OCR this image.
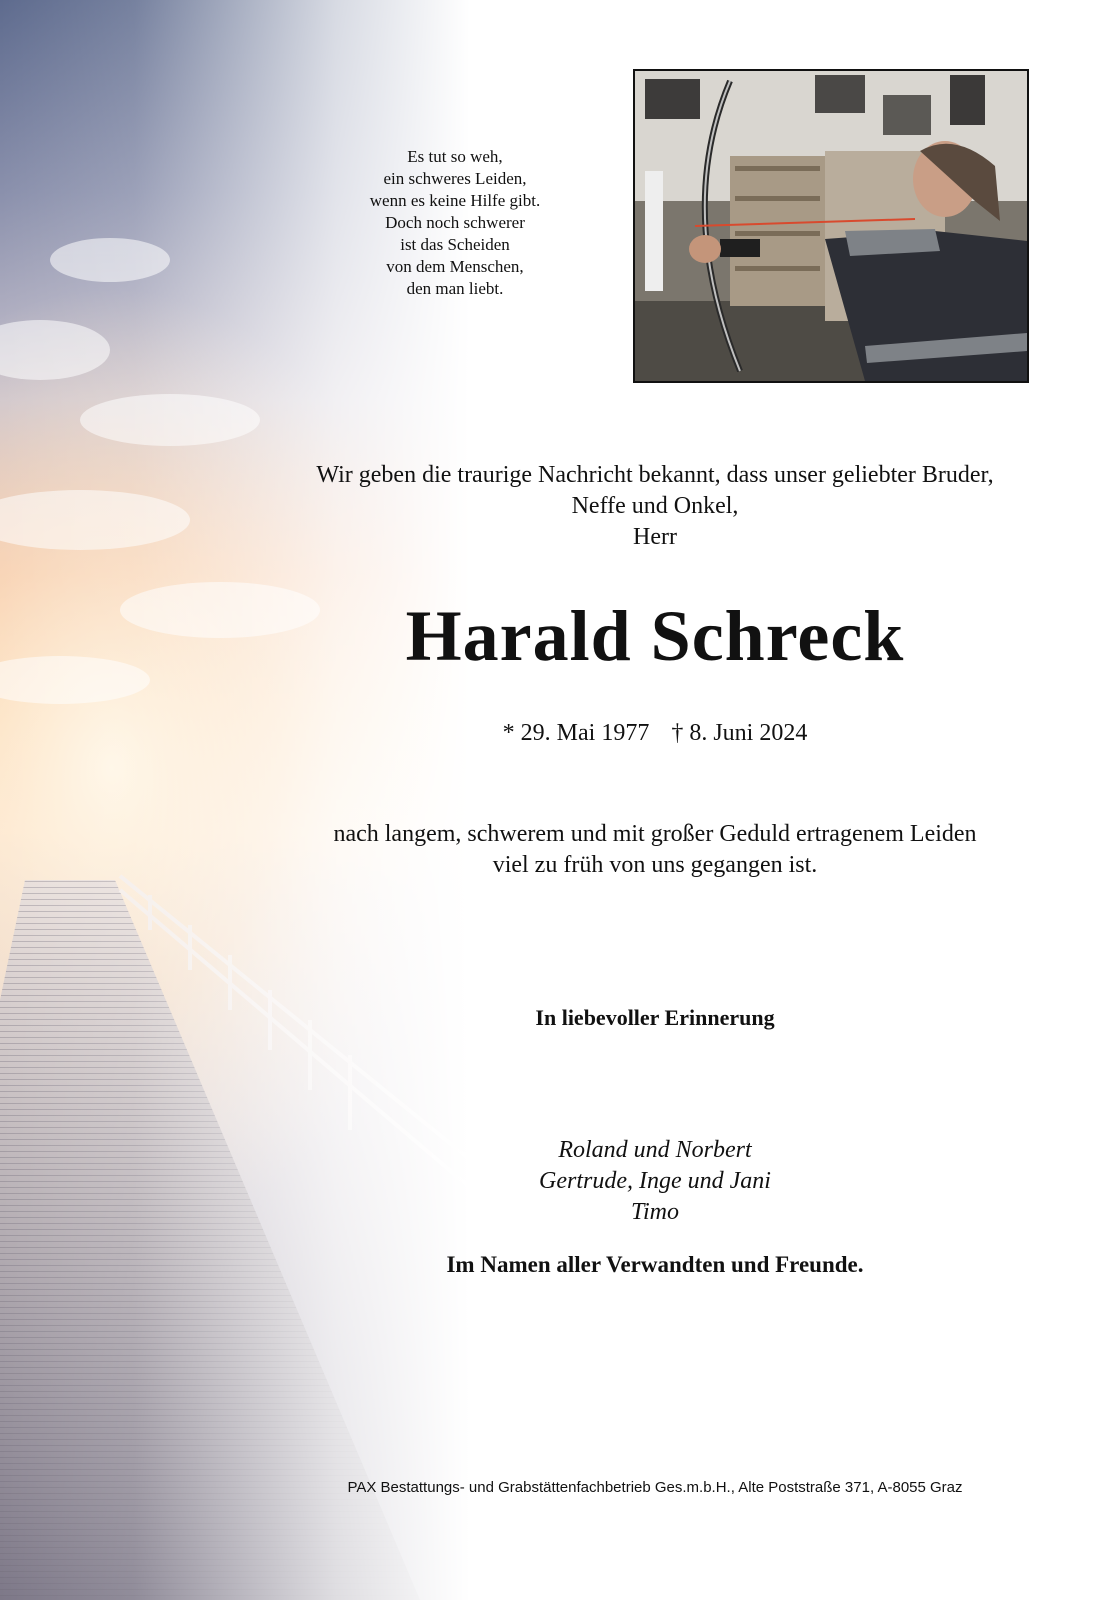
Es tut so weh,
ein schweres Leiden,
wenn es keine Hilfe gibt.
Doch noch schwerer
ist das Scheiden
von dem Menschen,
den man liebt.
Wir geben die traurige Nachricht bekannt, dass unser geliebter Bruder,
Neffe und Onkel,
Herr
Harald Schreck
* 29. Mai 1977 † 8. Juni 2024
nach langem, schwerem und mit großer Geduld ertragenem Leiden
viel zu früh von uns gegangen ist.
In liebevoller Erinnerung
Roland und Norbert
Gertrude, Inge und Jani
Timo
Im Namen aller Verwandten und Freunde.
PAX Bestattungs- und Grabstättenfachbetrieb Ges.m.b.H., Alte Poststraße 371, A-8055 Graz
